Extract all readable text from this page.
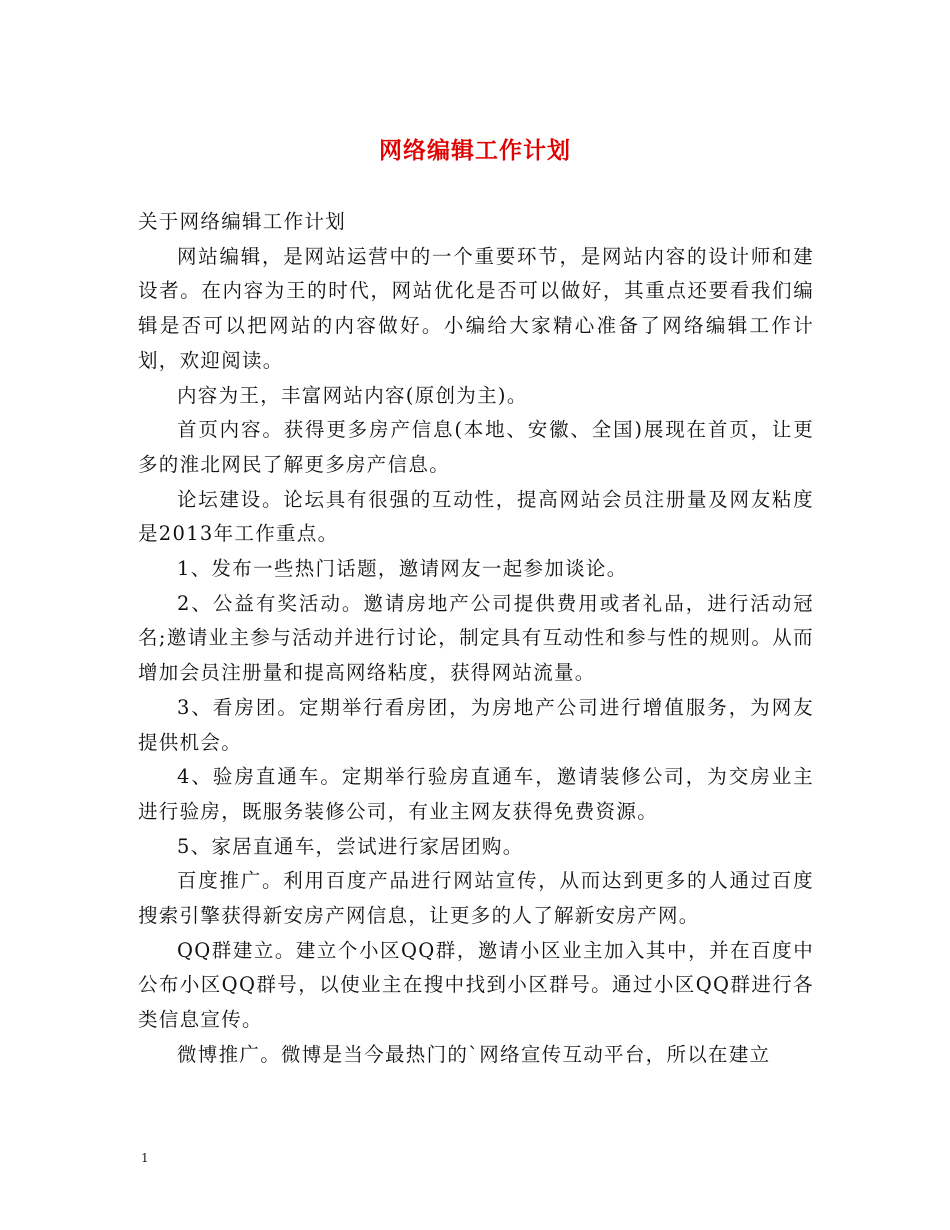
网络编辑工作计划

关于网络编辑工作计划

网站编辑，是网站运营中的一个重要环节，是网站内容的设计师和建设者。在内容为王的时代，网站优化是否可以做好，其重点还要看我们编辑是否可以把网站的内容做好。小编给大家精心准备了网络编辑工作计划，欢迎阅读。

内容为王，丰富网站内容(原创为主)。

首页内容。获得更多房产信息(本地、安徽、全国)展现在首页，让更多的淮北网民了解更多房产信息。

论坛建设。论坛具有很强的互动性，提高网站会员注册量及网友粘度是2013年工作重点。

1、发布一些热门话题，邀请网友一起参加谈论。

2、公益有奖活动。邀请房地产公司提供费用或者礼品，进行活动冠名;邀请业主参与活动并进行讨论，制定具有互动性和参与性的规则。从而增加会员注册量和提高网络粘度，获得网站流量。

3、看房团。定期举行看房团，为房地产公司进行增值服务，为网友提供机会。

4、验房直通车。定期举行验房直通车，邀请装修公司，为交房业主进行验房，既服务装修公司，有业主网友获得免费资源。

5、家居直通车，尝试进行家居团购。

百度推广。利用百度产品进行网站宣传，从而达到更多的人通过百度搜索引擎获得新安房产网信息，让更多的人了解新安房产网。

QQ群建立。建立个小区QQ群，邀请小区业主加入其中，并在百度中公布小区QQ群号，以使业主在搜中找到小区群号。通过小区QQ群进行各类信息宣传。

微博推广。微博是当今最热门的`网络宣传互动平台，所以在建立

1
